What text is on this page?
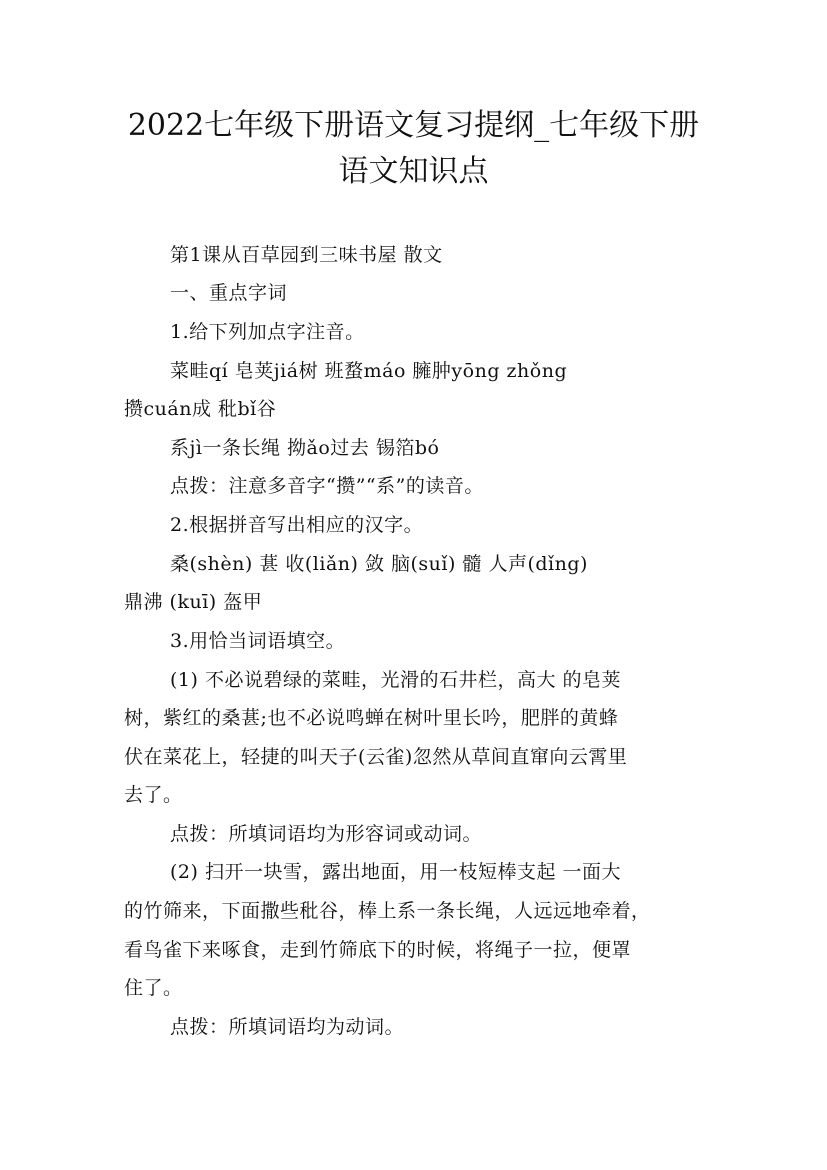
2022七年级下册语文复习提纲_七年级下册
语文知识点
第1课从百草园到三味书屋 散文
一、重点字词
1.给下列加点字注音。
菜畦qí 皂荚jiá树 班蝥máo 臃肿yōng zhǒng
攒cuán成 秕bǐ谷
系jì一条长绳 拗ǎo过去 锡箔bó
点拨：注意多音字“攒”“系”的读音。
2.根据拼音写出相应的汉字。
桑(shèn) 葚 收(liǎn) 敛 脑(suǐ) 髓 人声(dǐng)
鼎沸 (kuī) 盔甲
3.用恰当词语填空。
(1) 不必说碧绿的菜畦，光滑的石井栏，高大 的皂荚
树，紫红的桑葚;也不必说鸣蝉在树叶里长吟，肥胖的黄蜂
伏在菜花上，轻捷的叫天子(云雀)忽然从草间直窜向云霄里
去了。
点拨：所填词语均为形容词或动词。
(2) 扫开一块雪，露出地面，用一枝短棒支起 一面大
的竹筛来，下面撒些秕谷，棒上系一条长绳，人远远地牵着，
看鸟雀下来啄食，走到竹筛底下的时候，将绳子一拉，便罩
住了。
点拨：所填词语均为动词。
